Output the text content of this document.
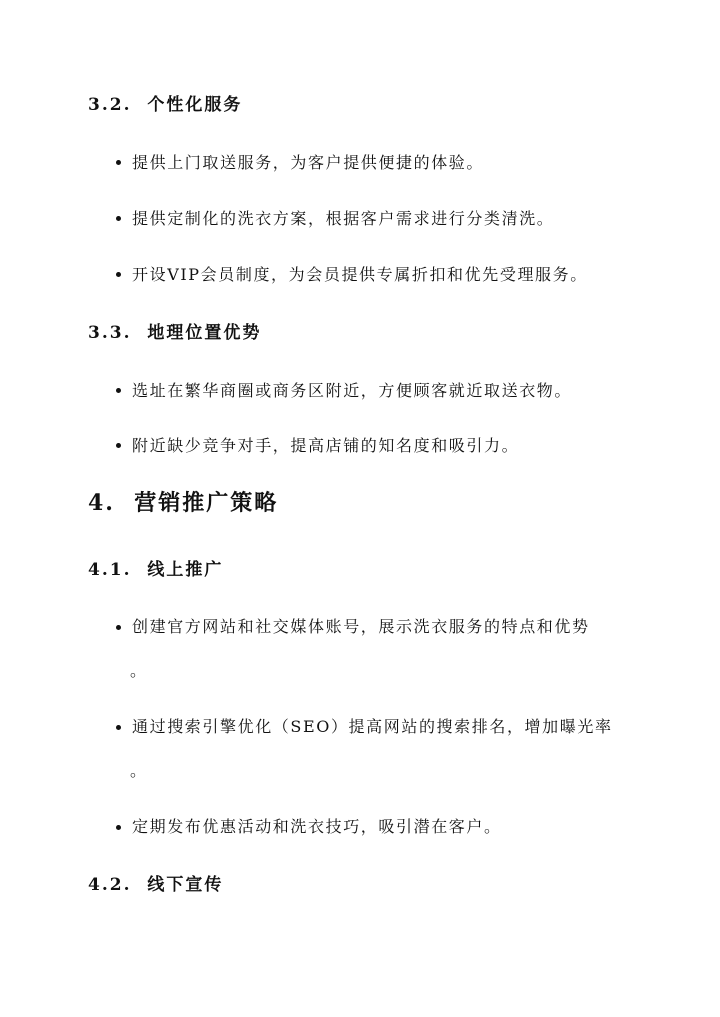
3.2.  个性化服务
提供上门取送服务，为客户提供便捷的体验。
提供定制化的洗衣方案，根据客户需求进行分类清洗。
开设VIP会员制度，为会员提供专属折扣和优先受理服务。
3.3.  地理位置优势
选址在繁华商圈或商务区附近，方便顾客就近取送衣物。
附近缺少竞争对手，提高店铺的知名度和吸引力。
4.  营销推广策略
4.1.  线上推广
创建官方网站和社交媒体账号，展示洗衣服务的特点和优势
。
通过搜索引擎优化（SEO）提高网站的搜索排名，增加曝光率
。
定期发布优惠活动和洗衣技巧，吸引潜在客户。
4.2.  线下宣传
